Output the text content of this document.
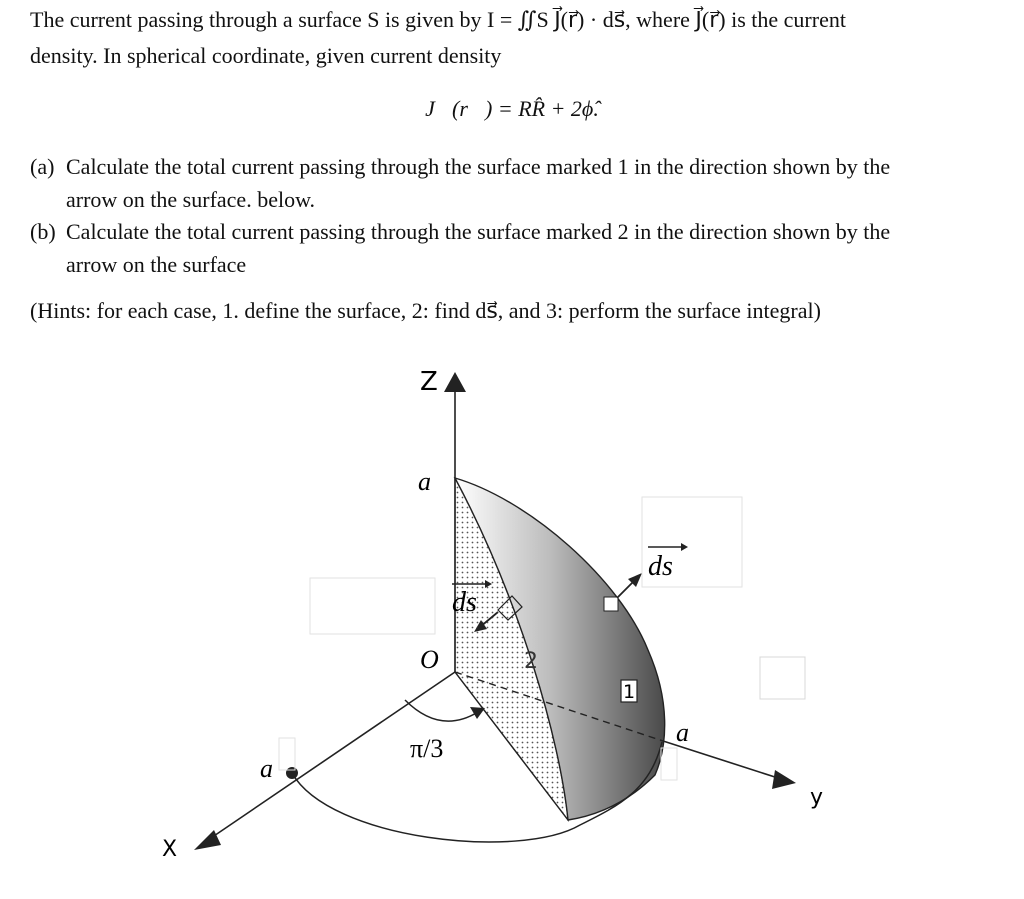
The current passing through a surface S is given by I = ∬S J⃗(r⃗) · ds⃗, where J⃗(r⃗) is the current
density. In spherical coordinate, given current density
J⃗(r⃗) = RR̂ + 2ϕ̂.
(a) Calculate the total current passing through the surface marked 1 in the direction shown by the
arrow on the surface. below.
(b) Calculate the total current passing through the surface marked 2 in the direction shown by the
arrow on the surface
(Hints: for each case, 1. define the surface, 2: find ds⃗, and 3: perform the surface integral)
1
2
Z
X
y
a
a
a
O
π/3
ds
ds
